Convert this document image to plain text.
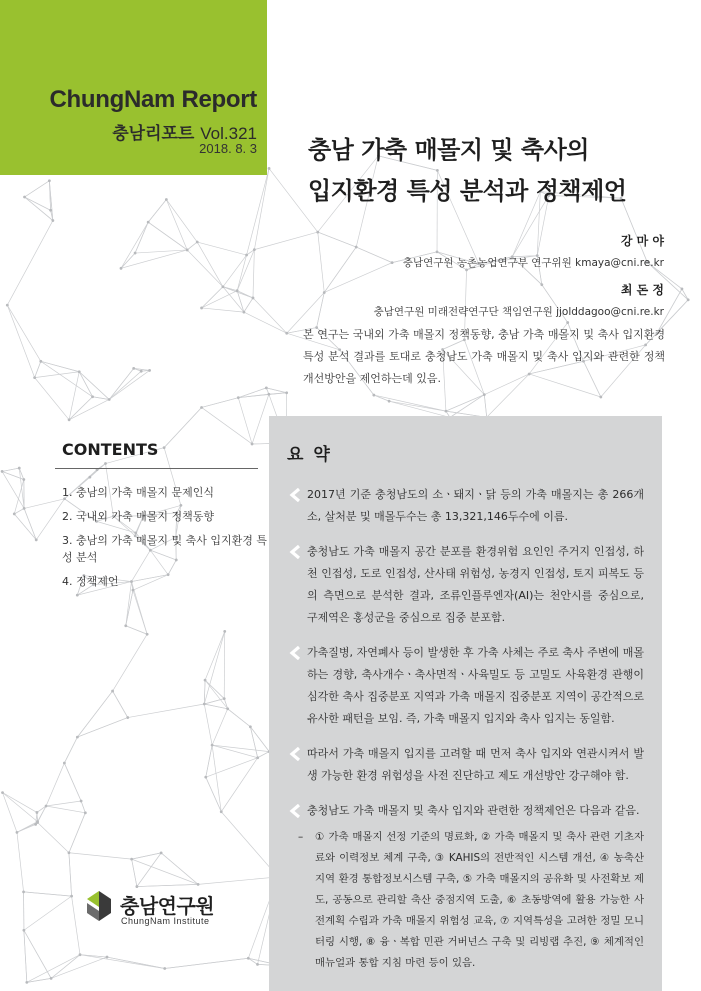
ChungNam Report
충남리포트 Vol.321
2018. 8. 3 충남 가축 매몰지 및 축사의
입지환경 특성 분석과 정책제언
강 마 야
충남연구원 농촌농업연구부 연구위원 kmaya@cni.re.kr
최 돈 정
충남연구원 미래전략연구단 책임연구원 jjolddagoo@cni.re.kr

본 연구는 국내외 가축 매몰지 정책동향, 충남 가축 매몰지 및 축사 입지환경 특성 분석 결과를 토대로 충청남도 가축 매몰지 및 축사 입지와 관련한 정책 개선방안을 제언하는데 있음.

CONTENTS
1. 충남의 가축 매몰지 문제인식
2. 국내외 가축 매몰지 정책동향
3. 충남의 가축 매몰지 및 축사 입지환경 특성 분석
4. 정책제언
요 약
2017년 기준 충청남도의 소ㆍ돼지ㆍ닭 등의 가축 매몰지는 총 266개소, 살처분 및 매몰두수는 총 13,321,146두수에 이름.
충청남도 가축 매몰지 공간 분포를 환경위험 요인인 주거지 인접성, 하천 인접성, 도로 인접성, 산사태 위험성, 농경지 인접성, 토지 피복도 등의 측면으로 분석한 결과, 조류인플루엔자(AI)는 천안시를 중심으로, 구제역은 홍성군을 중심으로 집중 분포함.
가축질병, 자연폐사 등이 발생한 후 가축 사체는 주로 축사 주변에 매몰하는 경향, 축사개수ㆍ축사면적ㆍ사육밀도 등 고밀도 사육환경 관행이 심각한 축사 집중분포 지역과 가축 매몰지 집중분포 지역이 공간적으로 유사한 패턴을 보임. 즉, 가축 매몰지 입지와 축사 입지는 동일함.
따라서 가축 매몰지 입지를 고려할 때 먼저 축사 입지와 연관시켜서 발생 가능한 환경 위험성을 사전 진단하고 제도 개선방안 강구해야 함.
충청남도 가축 매몰지 및 축사 입지와 관련한 정책제언은 다음과 같음.
– ① 가축 매몰지 선정 기준의 명료화, ② 가축 매몰지 및 축사 관련 기초자료와 이력정보 체계 구축, ③ KAHIS의 전반적인 시스템 개선, ④ 농축산 지역 환경 통합정보시스템 구축, ⑤ 가축 매몰지의 공유화 및 사전확보 제도, 공동으로 관리할 축산 중점지역 도출, ⑥ 초동방역에 활용 가능한 사전계획 수립과 가축 매몰지 위험성 교육, ⑦ 지역특성을 고려한 정밀 모니터링 시행, ⑧ 융ㆍ복합 민관 거버넌스 구축 및 리빙랩 추진, ⑨ 체계적인 매뉴얼과 통합 지침 마련 등이 있음.
충남연구원
ChungNam Institute
